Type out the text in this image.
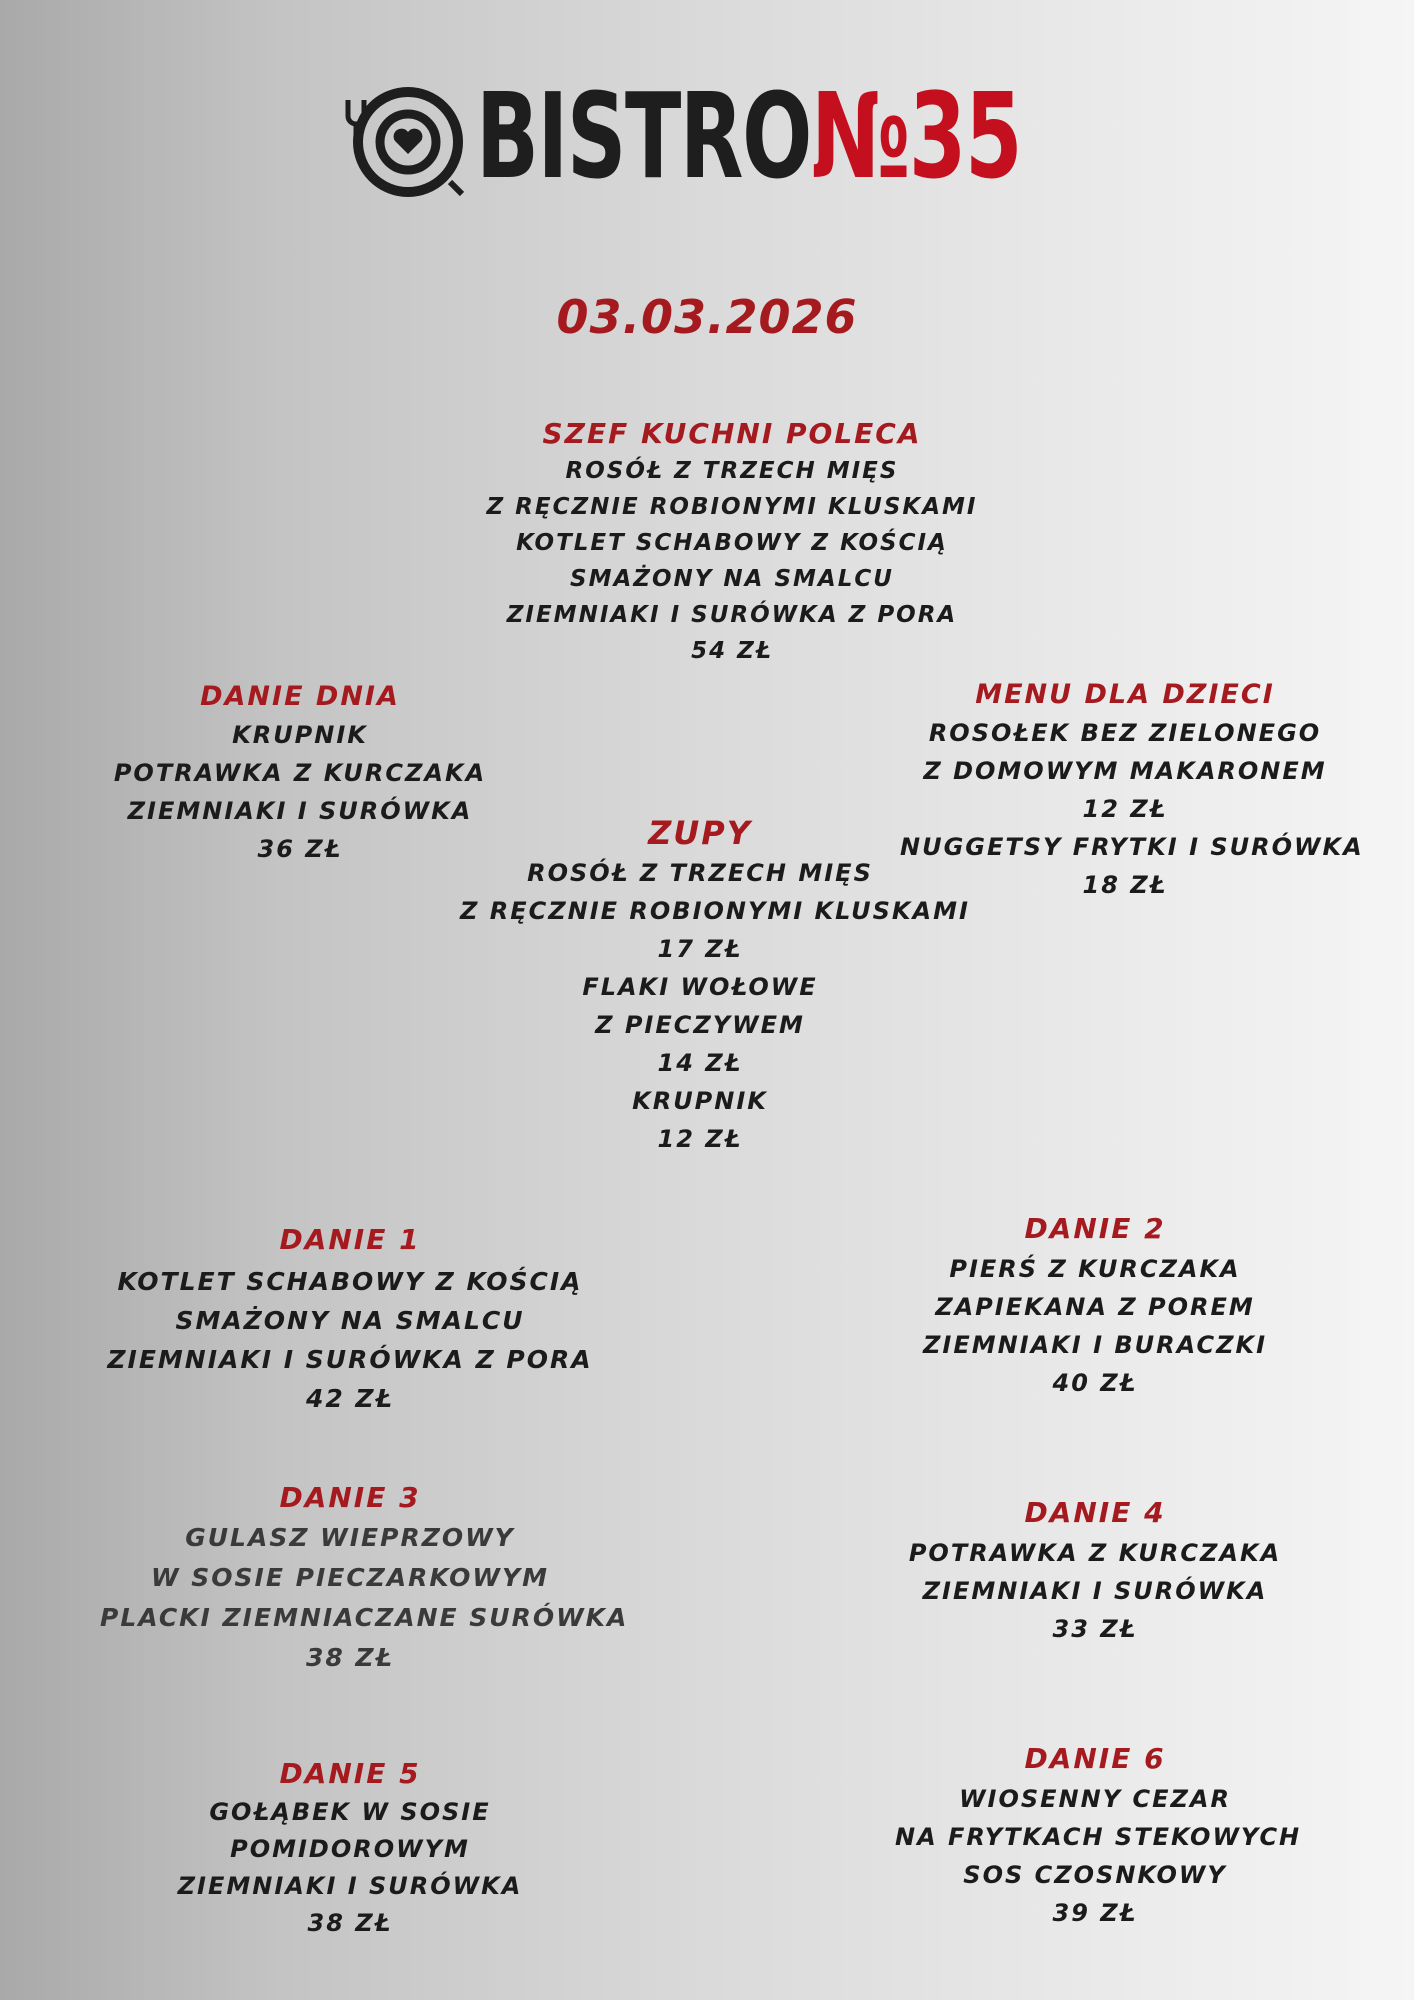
BISTRO№35
03.03.2026
SZEF KUCHNI POLECA
ROSÓŁ Z TRZECH MIĘS
Z RĘCZNIE ROBIONYMI KLUSKAMI
KOTLET SCHABOWY Z KOŚCIĄ
SMAŻONY NA SMALCU
ZIEMNIAKI I SURÓWKA Z PORA
54 ZŁ
DANIE DNIA
KRUPNIK
POTRAWKA Z KURCZAKA
ZIEMNIAKI I SURÓWKA
36 ZŁ
MENU DLA DZIECI
ROSOŁEK BEZ ZIELONEGO
Z DOMOWYM MAKARONEM
12 ZŁ
NUGGETSY FRYTKI I SURÓWKA
18 ZŁ
ZUPY
ROSÓŁ Z TRZECH MIĘS
Z RĘCZNIE ROBIONYMI KLUSKAMI
17 ZŁ
FLAKI WOŁOWE
Z PIECZYWEM
14 ZŁ
KRUPNIK
12 ZŁ
DANIE 1
KOTLET SCHABOWY Z KOŚCIĄ
SMAŻONY NA SMALCU
ZIEMNIAKI I SURÓWKA Z PORA
42 ZŁ
DANIE 2
PIERŚ Z KURCZAKA
ZAPIEKANA Z POREM
ZIEMNIAKI I BURACZKI
40 ZŁ
DANIE 3
GULASZ WIEPRZOWY
W SOSIE PIECZARKOWYM
PLACKI ZIEMNIACZANE SURÓWKA
38 ZŁ
DANIE 4
POTRAWKA Z KURCZAKA
ZIEMNIAKI I SURÓWKA
33 ZŁ
DANIE 5
GOŁĄBEK W SOSIE
POMIDOROWYM
ZIEMNIAKI I SURÓWKA
38 ZŁ
DANIE 6
WIOSENNY CEZAR
NA FRYTKACH STEKOWYCH
SOS CZOSNKOWY
39 ZŁ
